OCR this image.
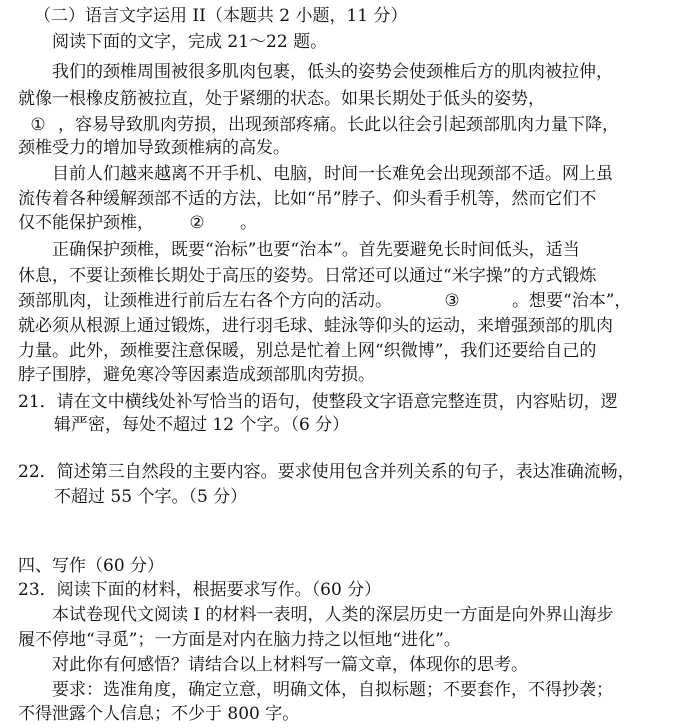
（二）语言文字运用 II（本题共 2 小题，11 分）
阅读下面的文字，完成 21～22 题。
我们的颈椎周围被很多肌肉包裹，低头的姿势会使颈椎后方的肌肉被拉伸，
就像一根橡皮筋被拉直，处于紧绷的状态。如果长期处于低头的姿势，
① ，容易导致肌肉劳损，出现颈部疼痛。长此以往会引起颈部肌肉力量下降，
颈椎受力的增加导致颈椎病的高发。
目前人们越来越离不开手机、电脑，时间一长难免会出现颈部不适。网上虽
流传着各种缓解颈部不适的方法，比如“吊”脖子、仰头看手机等，然而它们不
仅不能保护颈椎， ② 。
正确保护颈椎，既要“治标”也要“治本”。首先要避免长时间低头，适当
休息，不要让颈椎长期处于高压的姿势。日常还可以通过“米字操”的方式锻炼
颈部肌肉，让颈椎进行前后左右各个方向的活动。	③	。想要“治本”，
就必须从根源上通过锻炼，进行羽毛球、蛙泳等仰头的运动，来增强颈部的肌肉
力量。此外，颈椎要注意保暖，别总是忙着上网“织微博”，我们还要给自己的
脖子围脖，避免寒冷等因素造成颈部肌肉劳损。
21．请在文中横线处补写恰当的语句，使整段文字语意完整连贯，内容贴切，逻
辑严密，每处不超过 12 个字。（6 分）
22．简述第三自然段的主要内容。要求使用包含并列关系的句子，表达准确流畅，
不超过 55 个字。（5 分）
四、写作（60 分）
23．阅读下面的材料，根据要求写作。（60 分）
本试卷现代文阅读 I 的材料一表明，人类的深层历史一方面是向外界山海步
履不停地“寻觅”；一方面是对内在脑力持之以恒地“进化”。
对此你有何感悟？请结合以上材料写一篇文章，体现你的思考。
要求：选准角度，确定立意，明确文体，自拟标题；不要套作，不得抄袭；
不得泄露个人信息；不少于 800 字。
